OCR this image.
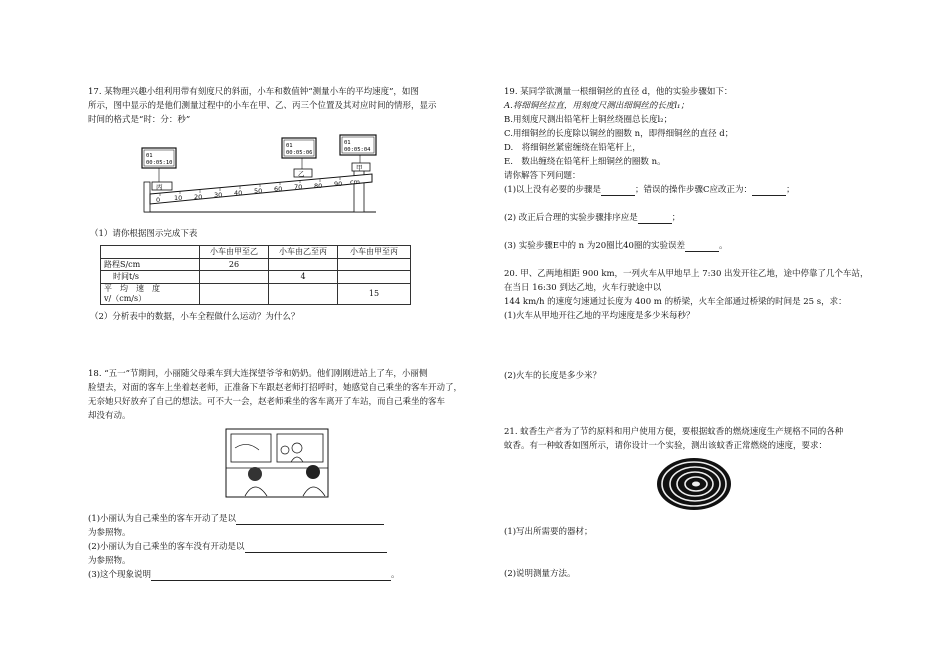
17. 某物理兴趣小组利用带有刻度尺的斜面，小车和数值钟“测量小车的平均速度”，如图

所示，图中显示的是他们测量过程中的小车在甲、乙、丙三个位置及其对应时间的情形，显示

时间的格式是“时：分：秒”

0 10 20 30 40 50 60 70 80 90 cm
丙
乙
甲
01
00:05:10
01
00:05:06
01
00:05:04

（1）请你根据图示完成下表

	小车由甲至乙	小车由乙至丙	小车由甲至丙
路程S/cm	26		
时间t/s		4	
平　均　速　度
v/（cm/s）			15

（2）分析表中的数据，小车全程做什么运动？为什么？

18. “五一”节期间，小丽随父母乘车到大连探望爷爷和奶奶。他们刚刚进站上了车，小丽侧

脸望去，对面的客车上坐着赵老师，正准备下车跟赵老师打招呼时，她感觉自己乘坐的客车开动了，

无奈她只好放弃了自己的想法。可不大一会，赵老师乘坐的客车离开了车站，而自己乘坐的客车

却没有动。

(1)小丽认为自己乘坐的客车开动了是以

为参照物。

(2)小丽认为自己乘坐的客车没有开动是以

为参照物。

(3)这个现象说明	。

19. 某同学欲测量一根细铜丝的直径 d，他的实验步骤如下：

A.将细铜丝拉直，用刻度尺测出细铜丝的长度l₁；

B.用刻度尺测出铅笔杆上铜丝绕圈总长度l₂；

C.用细铜丝的长度除以铜丝的圈数 n，即得细铜丝的直径 d；

D.　将细铜丝紧密缠绕在铅笔杆上，

E.　数出缠绕在铅笔杆上细铜丝的圈数 n。

请你解答下列问题：

(1)以上没有必要的步骤是	；错误的操作步骤C应改正为：	；

(2) 改正后合理的实验步骤排序应是	；

(3) 实验步骤E中的 n 为20圈比40圈的实验误差	。

20. 甲、乙两地相距 900 km，一列火车从甲地早上 7:30 出发开往乙地，途中停靠了几个车站，

在当日 16:30 到达乙地，火车行驶途中以

144 km/h 的速度匀速通过长度为 400 m 的桥梁，火车全部通过桥梁的时间是 25 s，求：

(1)火车从甲地开往乙地的平均速度是多少米每秒？

(2)火车的长度是多少米？

21. 蚊香生产者为了节约原料和用户使用方便，要根据蚊香的燃烧速度生产规格不同的各种

蚊香。有一种蚊香如图所示，请你设计一个实验，测出该蚊香正常燃烧的速度，要求：

(1)写出所需要的器材；

(2)说明测量方法。
